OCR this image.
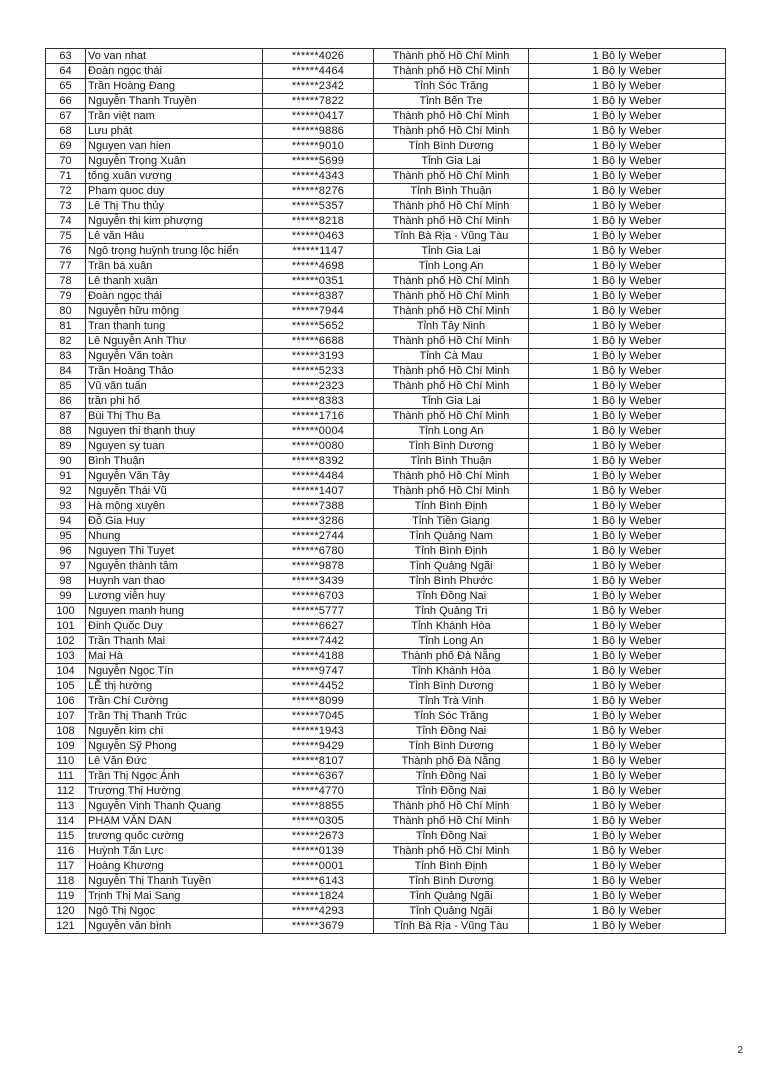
63	Vo van nhat	******4026	Thành phố Hồ Chí Minh	1 Bộ ly Weber
64	Đoàn ngọc thái	******4464	Thành phố Hồ Chí Minh	1 Bộ ly Weber
65	Trần Hoàng Đang	******2342	Tỉnh Sóc Trăng	1 Bộ ly Weber
66	Nguyễn Thanh Truyền	******7822	Tỉnh Bến Tre	1 Bộ ly Weber
67	Trần việt nam	******0417	Thành phố Hồ Chí Minh	1 Bộ ly Weber
68	Lưu phát	******9886	Thành phố Hồ Chí Minh	1 Bộ ly Weber
69	Nguyen van hien	******9010	Tỉnh Bình Dương	1 Bộ ly Weber
70	Nguyễn Trọng Xuân	******5699	Tỉnh Gia Lai	1 Bộ ly Weber
71	tống xuân vương	******4343	Thành phố Hồ Chí Minh	1 Bộ ly Weber
72	Pham quoc duy	******8276	Tỉnh Bình Thuận	1 Bộ ly Weber
73	Lê Thị Thu thủy	******5357	Thành phố Hồ Chí Minh	1 Bộ ly Weber
74	Nguyễn thị kim phượng	******8218	Thành phố Hồ Chí Minh	1 Bộ ly Weber
75	Lê văn Hâu	******0463	Tỉnh Bà Rịa - Vũng Tàu	1 Bộ ly Weber
76	Ngô trọng huỳnh trung lộc hiển	******1147	Tỉnh Gia Lai	1 Bộ ly Weber
77	Trần bá xuân	******4698	Tỉnh Long An	1 Bộ ly Weber
78	Lê thanh xuân	******0351	Thành phố Hồ Chí Minh	1 Bộ ly Weber
79	Đoàn ngọc thái	******8387	Thành phố Hồ Chí Minh	1 Bộ ly Weber
80	Nguyễn hữu mộng	******7944	Thành phố Hồ Chí Minh	1 Bộ ly Weber
81	Tran thanh tung	******5652	Tỉnh Tây Ninh	1 Bộ ly Weber
82	Lê Nguyễn Anh Thư	******6688	Thành phố Hồ Chí Minh	1 Bộ ly Weber
83	Nguyễn Văn toàn	******3193	Tỉnh Cà Mau	1 Bộ ly Weber
84	Trần Hoàng Thảo	******5233	Thành phố Hồ Chí Minh	1 Bộ ly Weber
85	Vũ văn tuấn	******2323	Thành phố Hồ Chí Minh	1 Bộ ly Weber
86	trần phi hổ	******8383	Tỉnh Gia Lai	1 Bộ ly Weber
87	Bùi Thị Thu Ba	******1716	Thành phố Hồ Chí Minh	1 Bộ ly Weber
88	Nguyen thi thanh thuy	******0004	Tỉnh Long An	1 Bộ ly Weber
89	Nguyen sy tuan	******0080	Tỉnh Bình Dương	1 Bộ ly Weber
90	Bình Thuận	******8392	Tỉnh Bình Thuận	1 Bộ ly Weber
91	Nguyễn Văn Tây	******4484	Thành phố Hồ Chí Minh	1 Bộ ly Weber
92	Nguyễn Thái Vũ	******1407	Thành phố Hồ Chí Minh	1 Bộ ly Weber
93	Hà mộng xuyên	******7388	Tỉnh Bình Định	1 Bộ ly Weber
94	Đỗ Gia Huy	******3286	Tỉnh Tiền Giang	1 Bộ ly Weber
95	Nhung	******2744	Tỉnh Quảng Nam	1 Bộ ly Weber
96	Nguyen Thi Tuyet	******6780	Tỉnh Bình Định	1 Bộ ly Weber
97	Nguyễn thành tâm	******9878	Tỉnh Quảng Ngãi	1 Bộ ly Weber
98	Huynh van thao	******3439	Tỉnh Bình Phước	1 Bộ ly Weber
99	Lương viễn huy	******6703	Tỉnh Đồng Nai	1 Bộ ly Weber
100	Nguyen manh hung	******5777	Tỉnh Quảng Trị	1 Bộ ly Weber
101	Đinh Quốc Duy	******6627	Tỉnh Khánh Hòa	1 Bộ ly Weber
102	Trần Thanh Mai	******7442	Tỉnh Long An	1 Bộ ly Weber
103	Mai Hà	******4188	Thành phố Đà Nẵng	1 Bộ ly Weber
104	Nguyễn Ngọc Tín	******9747	Tỉnh Khánh Hòa	1 Bộ ly Weber
105	LỄ thị hường	******4452	Tỉnh Bình Dương	1 Bộ ly Weber
106	Trần Chí Cường	******8099	Tỉnh Trà Vinh	1 Bộ ly Weber
107	Trần Thị Thanh Trúc	******7045	Tỉnh Sóc Trăng	1 Bộ ly Weber
108	Nguyễn kim chi	******1943	Tỉnh Đồng Nai	1 Bộ ly Weber
109	Nguyễn Sỹ Phong	******9429	Tỉnh Bình Dương	1 Bộ ly Weber
110	Lê Văn Đức	******8107	Thành phố Đà Nẵng	1 Bộ ly Weber
111	Trần Thị Ngọc Ánh	******6367	Tỉnh Đồng Nai	1 Bộ ly Weber
112	Trương Thị Hường	******4770	Tỉnh Đồng Nai	1 Bộ ly Weber
113	Nguyễn Vinh Thanh Quang	******8855	Thành phố Hồ Chí Minh	1 Bộ ly Weber
114	PHẠM VĂN DAN	******0305	Thành phố Hồ Chí Minh	1 Bộ ly Weber
115	trương quốc cường	******2673	Tỉnh Đồng Nai	1 Bộ ly Weber
116	Huỳnh Tấn Lực	******0139	Thành phố Hồ Chí Minh	1 Bộ ly Weber
117	Hoàng Khương	******0001	Tỉnh Bình Định	1 Bộ ly Weber
118	Nguyễn Thị Thanh Tuyền	******6143	Tỉnh Bình Dương	1 Bộ ly Weber
119	Trịnh Thị Mai Sang	******1824	Tỉnh Quảng Ngãi	1 Bộ ly Weber
120	Ngô Thị Ngọc	******4293	Tỉnh Quảng Ngãi	1 Bộ ly Weber
121	Nguyễn văn bình	******3679	Tỉnh Bà Rịa - Vũng Tàu	1 Bộ ly Weber
2
